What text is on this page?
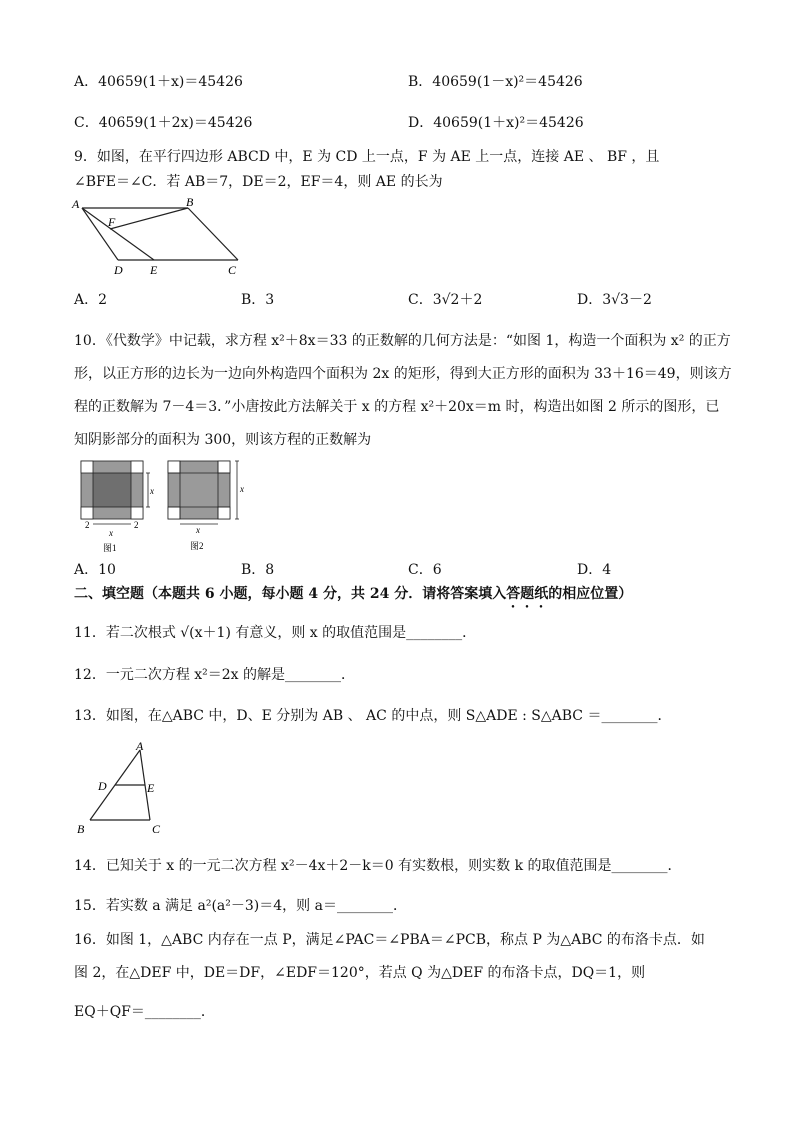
A．40659(1＋x)＝45426	B．40659(1－x)²＝45426
C．40659(1＋2x)＝45426	D．40659(1＋x)²＝45426
9．如图，在平行四边形 ABCD 中，E 为 CD 上一点，F 为 AE 上一点，连接 AE 、 BF ，且
∠BFE＝∠C．若 AB＝7，DE＝2，EF＝4，则 AE 的长为
A	B
F
D E	C
A．2	B．3	C．3√2＋2	D．3√3－2
10．《代数学》中记载，求方程 x²＋8x＝33 的正数解的几何方法是：“如图 1，构造一个面积为 x² 的正方
形，以正方形的边长为一边向外构造四个面积为 2x 的矩形，得到大正方形的面积为 33＋16＝49，则该方
程的正数解为 7－4＝3．”小唐按此方法解关于 x 的方程 x²＋20x＝m 时，构造出如图 2 所示的图形，已
知阴影部分的面积为 300，则该方程的正数解为
x
2	2
x
图1
x
x
图2
A．10	B．8	C．6	D．4
二、填空题（本题共 6 小题，每小题 4 分，共 24 分．请将答案填入答题纸的相应位置）
11．若二次根式 √(x＋1) 有意义，则 x 的取值范围是________．
12．一元二次方程 x²＝2x 的解是________．
13．如图，在△ABC 中，D、E 分别为 AB 、 AC 的中点，则 S△ADE : S△ABC ＝________．
A
D	E
B	C
14．已知关于 x 的一元二次方程 x²－4x＋2－k＝0 有实数根，则实数 k 的取值范围是________．
15．若实数 a 满足 a²(a²－3)＝4，则 a＝________．
16．如图 1，△ABC 内存在一点 P，满足∠PAC＝∠PBA＝∠PCB，称点 P 为△ABC 的布洛卡点．如
图 2，在△DEF 中，DE＝DF，∠EDF＝120°，若点 Q 为△DEF 的布洛卡点，DQ＝1，则
EQ＋QF＝________．
